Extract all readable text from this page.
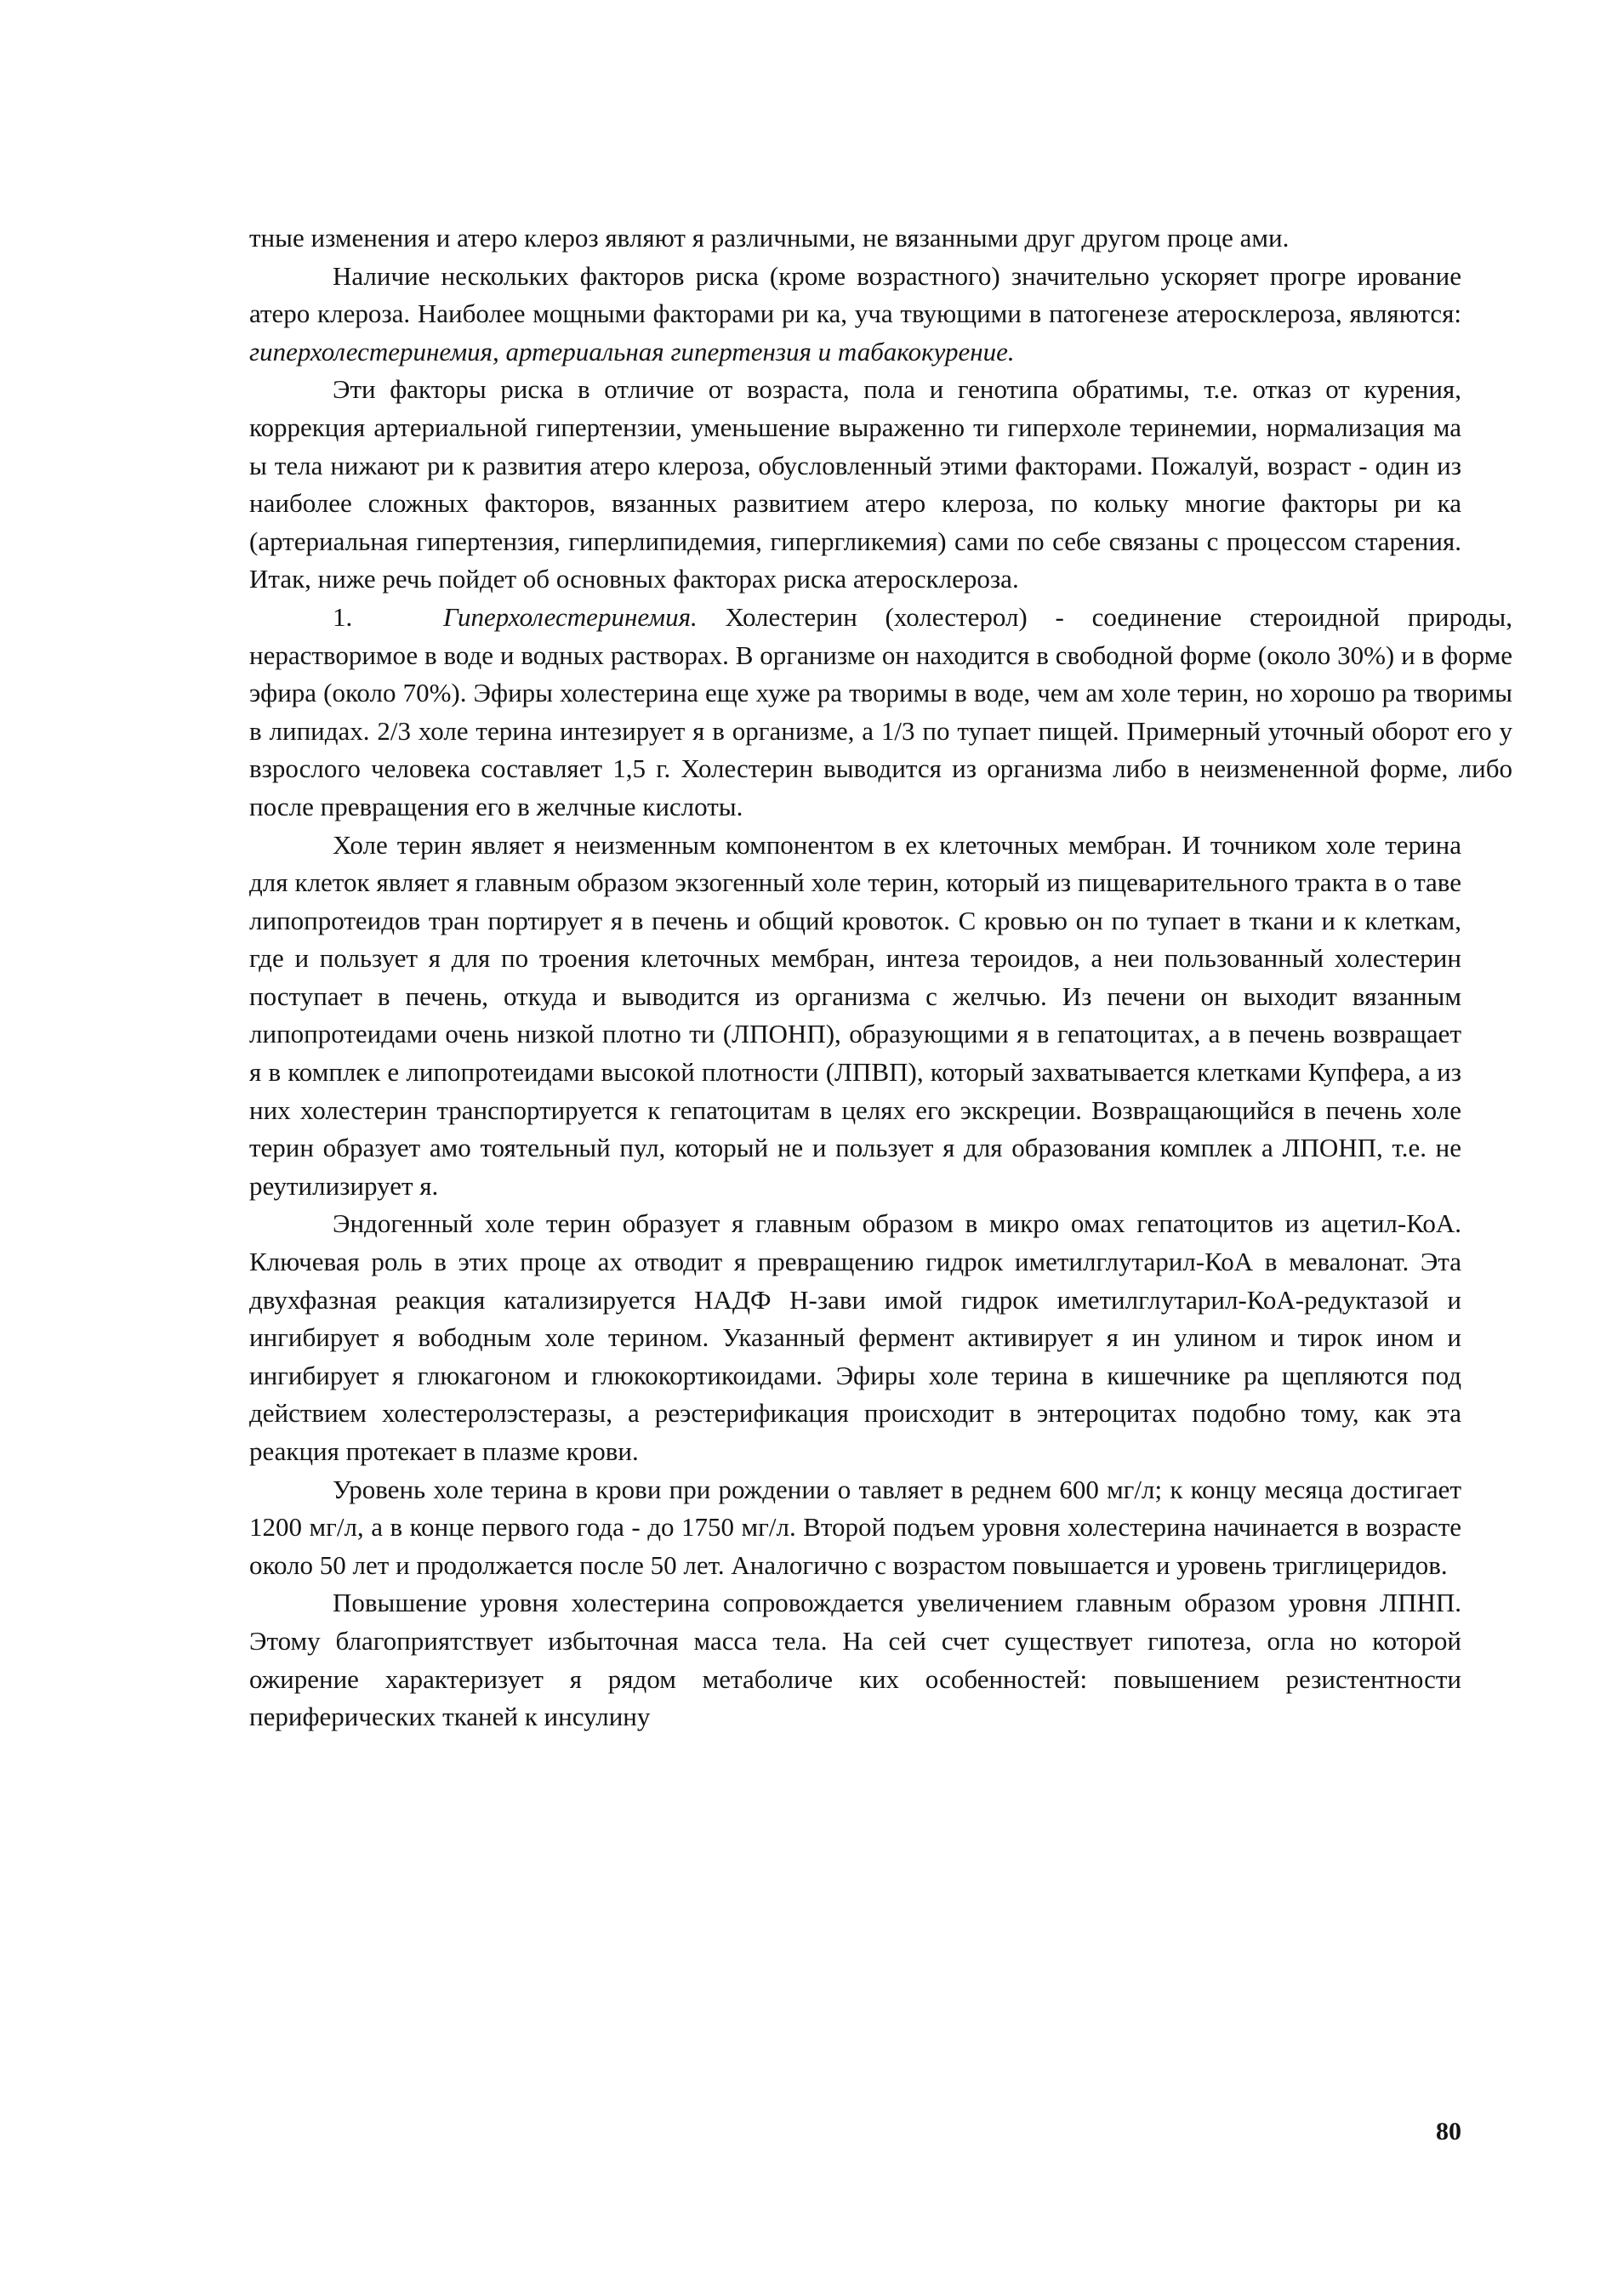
тные изменения и атеро клероз являют я различными, не вязанными друг другом проце ами.

Наличие нескольких факторов риска (кроме возрастного) значительно ускоряет прогре ирование атеро клероза. Наиболее мощными факторами ри ка, уча твующими в патогенезе атеросклероза, являются: гиперхолестеринемия, артериальная гипертензия и табакокурение.

Эти факторы риска в отличие от возраста, пола и генотипа обратимы, т.е. отказ от курения, коррекция артериальной гипертензии, уменьшение выраженно ти гиперхоле теринемии, нормализация ма ы тела нижают ри к развития атеро клероза, обусловленный этими факторами. Пожалуй, возраст - один из наиболее сложных факторов, вязанных развитием атеро клероза, по кольку многие факторы ри ка (артериальная гипертензия, гиперлипидемия, гипергликемия) сами по себе связаны с процессом старения. Итак, ниже речь пойдет об основных факторах риска атеросклероза.

1.	Гиперхолестеринемия. Холестерин (холестерол) - соединение стероидной природы, нерастворимое в воде и водных растворах. В организме он находится в свободной форме (около 30%) и в форме эфира (около 70%). Эфиры холестерина еще хуже ра творимы в воде, чем ам холе терин, но хорошо ра творимы в липидах. 2/3 холе терина интезирует я в организме, а 1/3 по тупает пищей. Примерный уточный оборот его у взрослого человека составляет 1,5 г. Холестерин выводится из организма либо в неизмененной форме, либо после превращения его в желчные кислоты.

Холе терин являет я неизменным компонентом в ех клеточных мембран. И точником холе терина для клеток являет я главным образом экзогенный холе терин, который из пищеварительного тракта в о таве липопротеидов тран портирует я в печень и общий кровоток. С кровью он по тупает в ткани и к клеткам, где и пользует я для по троения клеточных мембран, интеза тероидов, а неи пользованный холестерин поступает в печень, откуда и выводится из организма с желчью. Из печени он выходит вязанным липопротеидами очень низкой плотно ти (ЛПОНП), образующими я в гепатоцитах, а в печень возвращает я в комплек е липопротеидами высокой плотности (ЛПВП), который захватывается клетками Купфера, а из них холестерин транспортируется к гепатоцитам в целях его экскреции. Возвращающийся в печень холе терин образует амо тоятельный пул, который не и пользует я для образования комплек а ЛПОНП, т.е. не реутилизирует я.

Эндогенный холе терин образует я главным образом в микро омах гепатоцитов из ацетил-КоА. Ключевая роль в этих проце ах отводит я превращению гидрок иметилглутарил-КоА в мевалонат. Эта двухфазная реакция катализируется НАДФ Н-зави имой гидрок иметилглутарил-КоА-редуктазой и ингибирует я вободным холе терином. Указанный фермент активирует я ин улином и тирок ином и ингибирует я глюкагоном и глюкокортикоидами. Эфиры холе терина в кишечнике ра щепляются под действием холестеролэстеразы, а реэстерификация происходит в энтероцитах подобно тому, как эта реакция протекает в плазме крови.

Уровень холе терина в крови при рождении о тавляет в реднем 600 мг/л; к концу месяца достигает 1200 мг/л, а в конце первого года - до 1750 мг/л. Второй подъем уровня холестерина начинается в возрасте около 50 лет и продолжается после 50 лет. Аналогично с возрастом повышается и уровень триглицеридов.

Повышение уровня холестерина сопровождается увеличением главным образом уровня ЛПНП. Этому благоприятствует избыточная масса тела. На сей счет существует гипотеза, огла но которой ожирение характеризует я рядом метаболиче ких особенностей: повышением резистентности периферических тканей к инсулину

80
